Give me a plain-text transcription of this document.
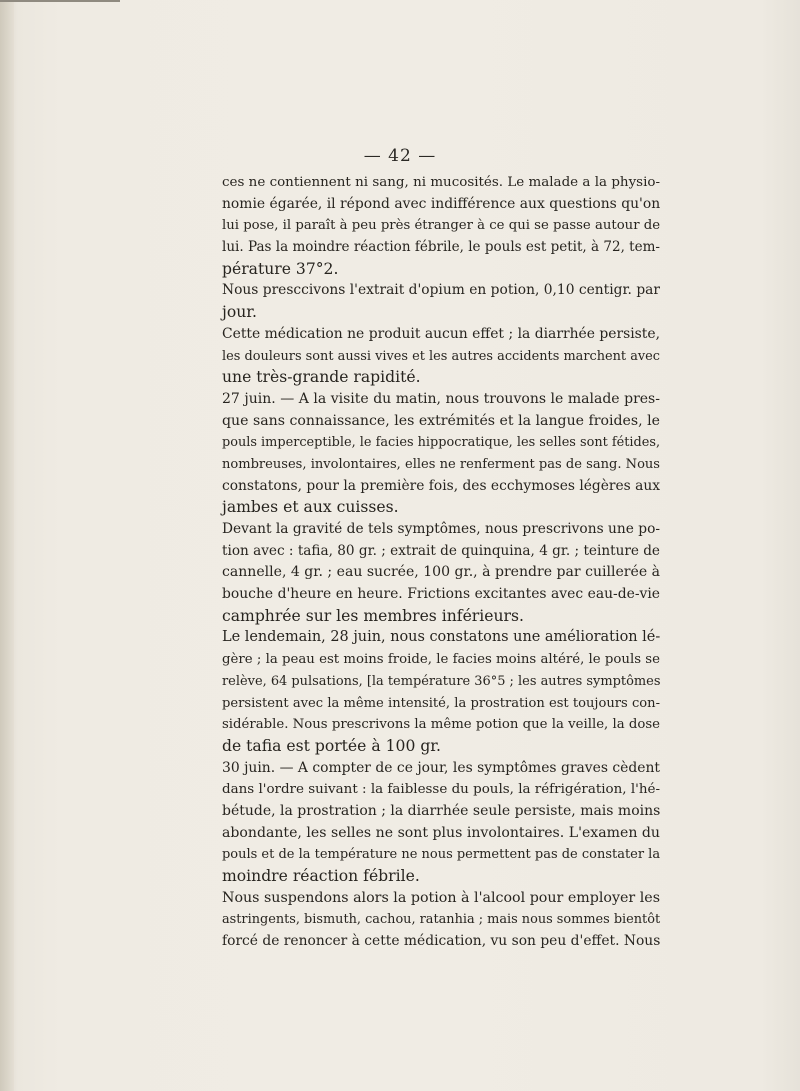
— 42 —
ces ne contiennent ni sang, ni mucosités. Le malade a la physio-
nomie égarée, il répond avec indifférence aux questions qu'on
lui pose, il paraît à peu près étranger à ce qui se passe autour de
lui. Pas la moindre réaction fébrile, le pouls est petit, à 72, tem-
pérature 37°2.
Nous presccivons l'extrait d'opium en potion, 0,10 centigr. par
jour.
Cette médication ne produit aucun effet ; la diarrhée persiste,
les douleurs sont aussi vives et les autres accidents marchent avec
une très-grande rapidité.
27 juin. — A la visite du matin, nous trouvons le malade pres-
que sans connaissance, les extrémités et la langue froides, le
pouls imperceptible, le facies hippocratique, les selles sont fétides,
nombreuses, involontaires, elles ne renferment pas de sang. Nous
constatons, pour la première fois, des ecchymoses légères aux
jambes et aux cuisses.
Devant la gravité de tels symptômes, nous prescrivons une po-
tion avec : tafia, 80 gr. ; extrait de quinquina, 4 gr. ; teinture de
cannelle, 4 gr. ; eau sucrée, 100 gr., à prendre par cuillerée à
bouche d'heure en heure. Frictions excitantes avec eau-de-vie
camphrée sur les membres inférieurs.
Le lendemain, 28 juin, nous constatons une amélioration lé-
gère ; la peau est moins froide, le facies moins altéré, le pouls se
relève, 64 pulsations, [la température 36°5 ; les autres symptômes
persistent avec la même intensité, la prostration est toujours con-
sidérable. Nous prescrivons la même potion que la veille, la dose
de tafia est portée à 100 gr.
30 juin. — A compter de ce jour, les symptômes graves cèdent
dans l'ordre suivant : la faiblesse du pouls, la réfrigération, l'hé-
bétude, la prostration ; la diarrhée seule persiste, mais moins
abondante, les selles ne sont plus involontaires. L'examen du
pouls et de la température ne nous permettent pas de constater la
moindre réaction fébrile.
Nous suspendons alors la potion à l'alcool pour employer les
astringents, bismuth, cachou, ratanhia ; mais nous sommes bientôt
forcé de renoncer à cette médication, vu son peu d'effet. Nous
